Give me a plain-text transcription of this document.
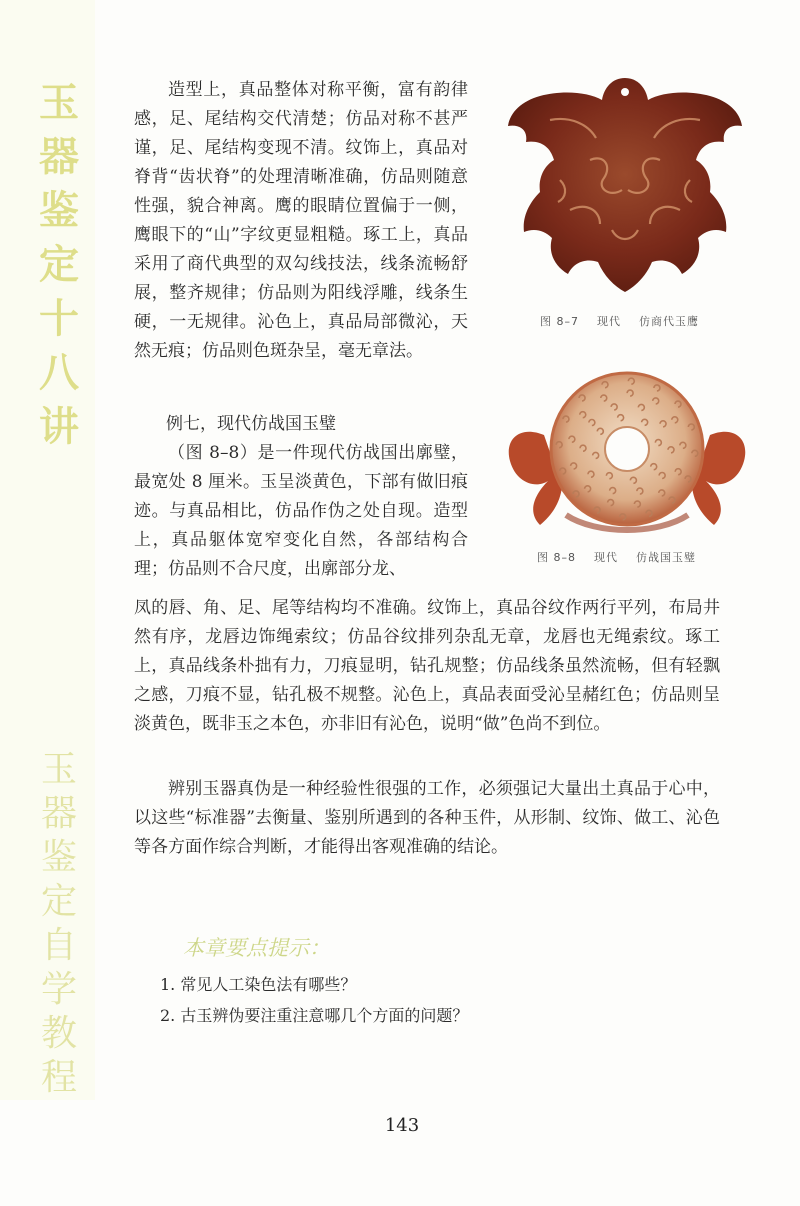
玉
器
鉴
定
十
八
讲
玉
器
鉴
定
自
学
教
程

造型上，真品整体对称平衡，富有韵律感，足、尾结构交代清楚；仿品对称不甚严谨，足、尾结构变现不清。纹饰上，真品对脊背“齿状脊”的处理清晰准确，仿品则随意性强，貌合神离。鹰的眼睛位置偏于一侧，鹰眼下的“山”字纹更显粗糙。琢工上，真品采用了商代典型的双勾线技法，线条流畅舒展，整齐规律；仿品则为阳线浮雕，线条生硬，一无规律。沁色上，真品局部微沁，天然无痕；仿品则色斑杂呈，毫无章法。

例七，现代仿战国玉璧

（图 8–8）是一件现代仿战国出廓璧，最宽处 8 厘米。玉呈淡黄色，下部有做旧痕迹。与真品相比，仿品作伪之处自现。造型上，真品躯体宽窄变化自然，各部结构合理；仿品则不合尺度，出廓部分龙、

凤的唇、角、足、尾等结构均不准确。纹饰上，真品谷纹作两行平列，布局井然有序，龙唇边饰绳索纹；仿品谷纹排列杂乱无章，龙唇也无绳索纹。琢工上，真品线条朴拙有力，刀痕显明，钻孔规整；仿品线条虽然流畅，但有轻飘之感，刀痕不显，钻孔极不规整。沁色上，真品表面受沁呈赭红色；仿品则呈淡黄色，既非玉之本色，亦非旧有沁色，说明“做”色尚不到位。

辨别玉器真伪是一种经验性很强的工作，必须强记大量出土真品于心中，以这些“标准器”去衡量、鉴别所遇到的各种玉件，从形制、纹饰、做工、沁色等各方面作综合判断，才能得出客观准确的结论。

图 8–7 现代 仿商代玉鹰
图 8–8 现代 仿战国玉璧
本章要点提示：
1. 常见人工染色法有哪些？
2. 古玉辨伪要注重注意哪几个方面的问题？
143
